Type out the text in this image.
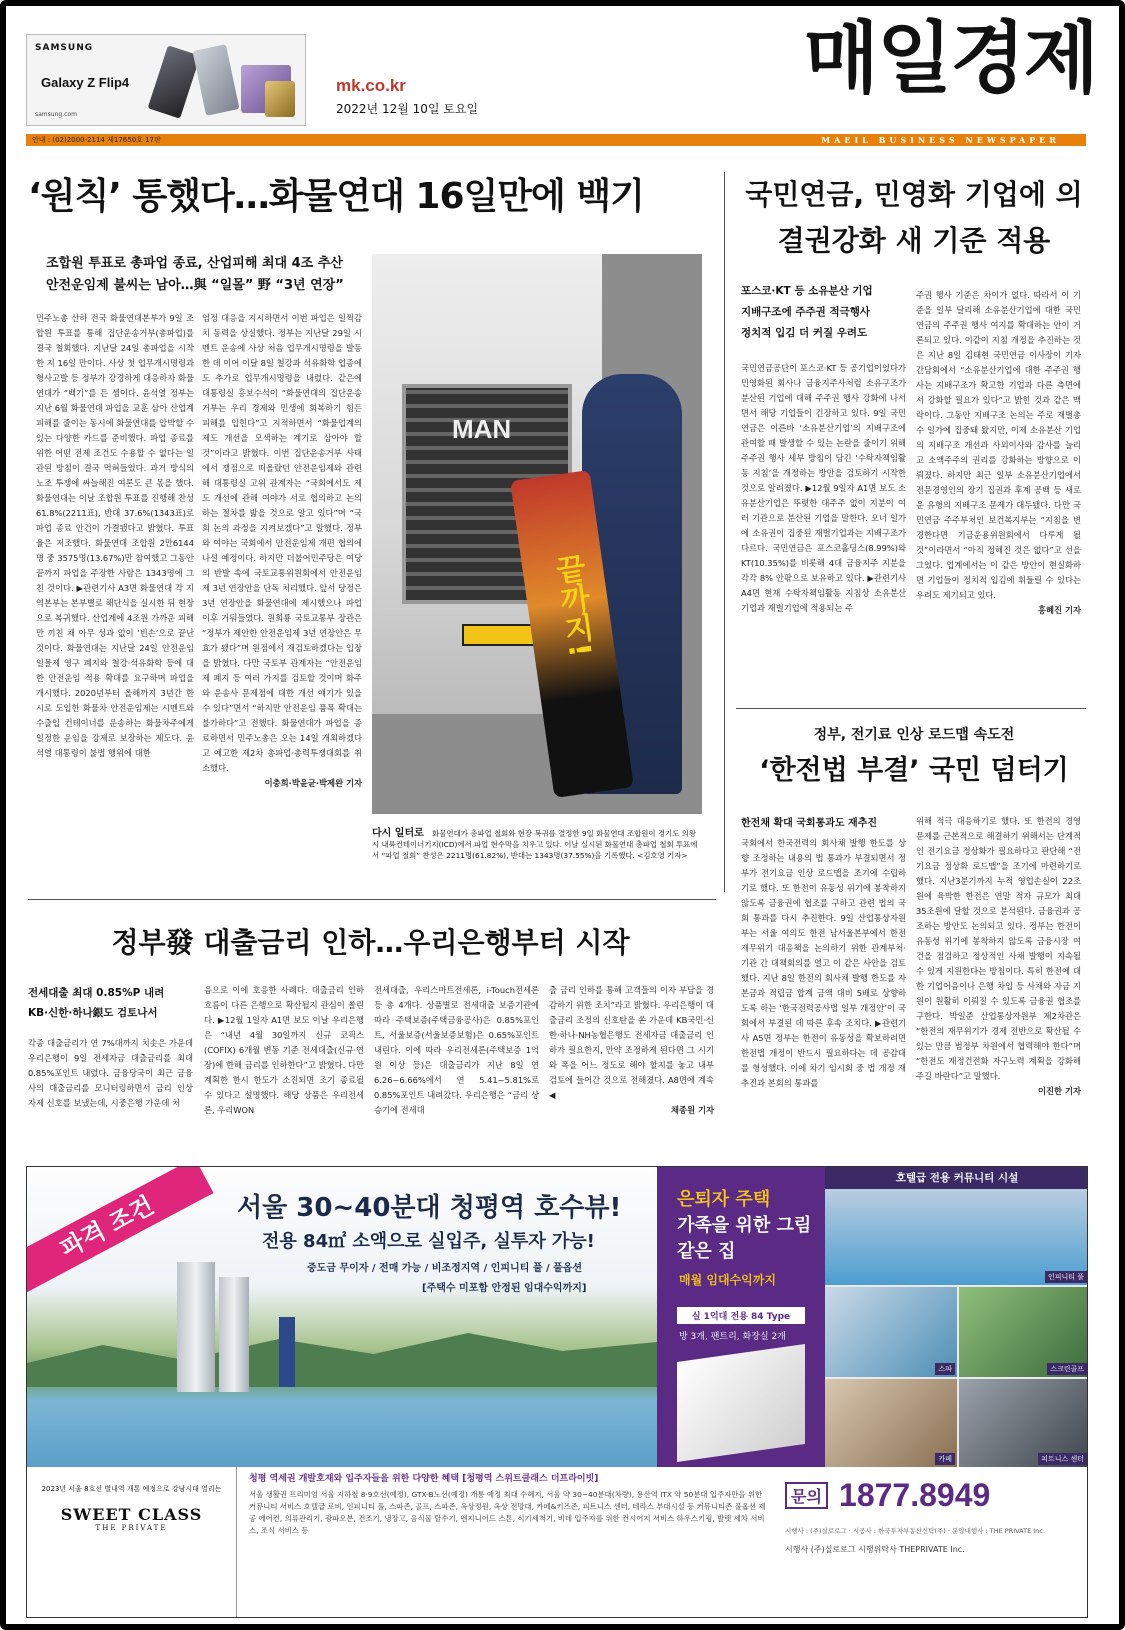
SAMSUNG
Galaxy Z Flip4
samsung.com
mk.co.kr
2022년 12월 10일 토요일
매일경제
안내 : (02)2000-2114 제17650호 17판	MAEIL BUSINESS NEWSPAPER
‘원칙’ 통했다…화물연대 16일만에 백기
조합원 투표로 총파업 종료, 산업피해 최대 4조 추산
안전운임제 불씨는 남아…與 “일몰” 野 “3년 연장”
민주노총 산하 전국 화물연대본부가 9일 조합원 투표를 통해 집단운송거부(총파업)를 결국 철회했다. 지난달 24일 총파업을 시작한 지 16일 만이다. 사상 첫 업무개시명령과 형사고발 등 정부가 강경하게 대응하자 화물연대가 “백기”를 든 셈이다. 윤석열 정부는 지난 6월 화물연대 파업을 교훈 삼아 산업계 피해를 줄이는 동시에 화물연대를 압박할 수 있는 다양한 카드를 준비했다. 파업 종료를 위한 어떤 전제 조건도 수용할 수 없다는 일관된 방침이 결국 먹혀들었다. 과거 방식의 노조 투쟁에 싸늘해진 여론도 큰 몫을 했다. 화물연대는 이날 조합원 투표를 진행해 찬성 61.8%(2211표), 반대 37.6%(1343표)로 파업 종료 안건이 가결됐다고 밝혔다. 투표율은 저조했다. 화물연대 조합원 2만6144명 중 3575명(13.67%)만 참여했고 그동안 끝까지 파업을 주장한 사람은 1343명에 그친 것이다. ▶관련기사 A3면 화물연대 각 지역본부는 본부별로 해단식을 실시한 뒤 현장으로 복귀했다. 산업계에 4조원 가까운 피해만 끼친 채 아무 성과 없이 ‘빈손’으로 끝난 것이다. 화물연대는 지난달 24일 안전운임일몰제 영구 폐지와 철강·석유화학 등에 대한 안전운임 적용 확대를 요구하며 파업을 개시했다. 2020년부터 올해까지 3년간 한시로 도입한 화물차 안전운임제는 시멘트와 수출입 컨테이너를 운송하는 화물차주에게 일정한 운임을 강제로 보장하는 제도다. 윤석열 대통령이 불법 행위에 대한
엄정 대응을 지시하면서 이번 파업은 일찍감치 동력을 상실했다. 정부는 지난달 29일 시멘트 운송에 사상 처음 업무개시명령을 발동한 데 이어 이달 8일 철강과 석유화학 업종에도 추가로 업무개시명령을 내렸다. 같은에 대통령실 홍보수석이 “화물연대의 집단운송거부는 우리 경제와 민생에 회복하기 힘든 피해를 입힌다”고 지적하면서 “화물업계의 제도 개선을 모색하는 계기로 삼아야 할 것”이라고 밝혔다. 이번 집단운송거부 사태에서 쟁점으로 떠올랐던 안전운임제와 관련해 대통령실 고위 관계자는 “국회에서도 제도 개선에 관해 여야가 서로 협의하고 논의하는 절차를 밟을 것으로 알고 있다”며 “국회 논의 과정을 지켜보겠다”고 말했다. 정부와 여야는 국회에서 안전운임제 개편 협의에 나설 예정이다. 하지만 더불어민주당은 여당의 반발 속에 국토교통위원회에서 안전운임제 3년 연장안을 단독 처리했다. 앞서 당정은 3년 연장안을 화물연대에 제시했으나 파업 이후 거둬들였다. 원희룡 국토교통부 장관은 “정부가 제안한 안전운임제 3년 연장안은 무효가 됐다”며 원점에서 재검토하겠다는 입장을 밝혔다. 다만 국토부 관계자는 “안전운임제 폐지 등 여러 가지를 검토할 것이며 화주와 운송사 문제점에 대한 개선 얘기가 있을 수 있다”면서 “하지만 안전운임 품목 확대는 불가하다”고 전했다. 화물연대가 파업을 종료하면서 민주노총은 오는 14일 개최하겠다고 예고한 제2차 총파업·총력투쟁대회를 취소했다.
이충희·박윤균·박제완 기자
MAN
끝까지!
다시 일터로 화물연대가 총파업 철회와 현장 복귀를 결정한 9일 화물연대 조합원이 경기도 의왕시 내륙컨테이너기지(ICD)에서 파업 현수막을 치우고 있다. 이날 실시된 화물연대 총파업 철회 투표에서 “파업 철회” 찬성은 2211명(61.82%), 반대는 1343명(37.55%)을 기록했다. <김호영 기자>
국민연금, 민영화 기업에 의결권강화 새 기준 적용
포스코·KT 등 소유분산 기업
지배구조에 주주권 적극행사
정치적 입김 더 커질 우려도
국민연금공단이 포스코·KT 등 공기업이었다가 민영화된 회사나 금융지주사처럼 소유구조가 분산된 기업에 대해 주주권 행사 강화에 나서면서 해당 기업들이 긴장하고 있다. 9일 국민연금은 이른바 ‘소유분산기업’의 지배구조에 관여할 때 발생할 수 있는 논란을 줄이기 위해 주주권 행사 세부 방침이 담긴 ‘수탁자책임활동 지침’을 개정하는 방안을 검토하기 시작한 것으로 알려졌다. ▶12월 9일자 A1면 보도 소유분산기업은 뚜렷한 대주주 없이 지분이 여러 기관으로 분산된 기업을 말한다. 오너 일가에 소유권이 집중된 재벌기업과는 지배구조가 다르다. 국민연금은 포스코홀딩스(8.99%)와 KT(10.35%)를 비롯해 4대 금융지주 지분을 각각 8% 안팎으로 보유하고 있다. ▶관련기사 A4면 현재 수탁자책임활동 지침상 소유분산기업과 재벌기업에 적용되는 주
주권 행사 기준은 차이가 없다. 따라서 이 기준을 일부 달리해 소유분산기업에 대한 국민연금의 주주권 행사 여지를 확대하는 안이 거론되고 있다. 이같이 지침 개정을 추진하는 것은 지난 8일 김태현 국민연금 이사장이 기자간담회에서 “소유분산기업에 대한 주주권 행사는 지배구조가 확고한 기업과 다른 측면에서 강화할 필요가 있다”고 밝힌 것과 같은 맥락이다. 그동안 지배구조 논의는 주로 재벌총수 일가에 집중돼 왔지만, 이제 소유분산 기업의 지배구조 개선과 사외이사와 감사를 늘리고 소액주주의 권리를 강화하는 방향으로 이뤄졌다. 하지만 최근 일부 소유분산기업에서 전문경영인의 장기 집권과 후계 공백 등 새로운 유형의 지배구조 문제가 대두됐다. 다만 국민연금 주주부처인 보건복지부는 “지침을 변경한다면 기금운용위원회에서 다루게 될 것”이라면서 “아직 정해진 것은 없다”고 선을 그었다. 업계에서는 이 같은 방안이 현실화하면 기업들이 정치적 입김에 휘둘릴 수 있다는 우려도 제기되고 있다.
홍혜진 기자
정부, 전기료 인상 로드맵 속도전
‘한전법 부결’ 국민 덤터기
한전채 확대 국회통과도 재추진
국회에서 한국전력의 회사채 발행 한도를 상향 조정하는 내용의 법 통과가 부결되면서 정부가 전기요금 인상 로드맵을 조기에 수립하기로 했다. 또 한전이 유동성 위기에 봉착하지 않도록 금융권에 협조를 구하고 관련 법의 국회 통과를 다시 추진한다. 9일 산업통상자원부는 서울 여의도 한전 남서울본부에서 한전 재무위기 대응책을 논의하기 위한 관계부처·기관 간 대책회의를 열고 이 같은 사안을 검토했다. 지난 8일 한전의 회사채 발행 한도를 자본금과 적립금 합계 금액 대비 5배로 상향하도록 하는 ‘한국전력공사법 일부 개정안’이 국회에서 부결된 데 따른 후속 조치다. ▶관련기사 A5면 정부는 한전이 유동성을 확보하려면 한전법 개정이 반드시 필요하다는 데 공감대를 형성했다. 이에 차기 임시회 중 법 개정 재추진과 본회의 통과를
위해 적극 대응하기로 했다. 또 한전의 경영 문제를 근본적으로 해결하기 위해서는 단계적인 전기요금 정상화가 필요하다고 판단해 “전기요금 정상화 로드맵”을 조기에 마련하기로 했다. 지난3분기까지 누적 영업손실이 22조원에 육박한 한전은 연말 적자 규모가 최대 35조원에 달할 것으로 분석된다. 금융권과 공조하는 방안도 논의되고 있다. 정부는 한전이 유동성 위기에 봉착하지 않도록 금융시장 여건을 점검하고 정상적인 사채 발행이 지속될 수 있게 지원한다는 방침이다. 특히 한전에 대한 기업어음이나 은행 차입 등 사채와 자금 지원이 원활히 이뤄질 수 있도록 금융권 협조를 구한다. 박일준 산업통상자원부 제2차관은 “한전의 재무위기가 경제 전반으로 확산될 수 있는 만큼 범정부 차원에서 협력해야 한다”며 “한전도 재정건전화 자구노력 계획을 강화해주길 바란다”고 말했다.
이진한 기자
정부發 대출금리 인하…우리은행부터 시작
전세대출 최대 0.85%P 내려
KB·신한·하나銀도 검토나서
각종 대출금리가 연 7%대까지 치솟은 가운데 우리은행이 9일 전세자금 대출금리를 최대 0.85%포인트 내렸다. 금융당국이 최근 금융사의 대출금리를 모니터링하면서 금리 인상 자제 신호를 보냈는데, 시중은행 가운데 처
음으로 이에 호응한 사례다. 대출금리 인하 흐름이 다른 은행으로 확산될지 관심이 쏠린다. ▶12월 1일자 A1면 보도 이날 우리은행은 “내년 4월 30일까지 신규 코픽스(COFIX) 6개월 변동 기준 전세대출(신규·연장)에 한해 금리를 인하한다”고 밝혔다. 다만 계획한 한시 한도가 소진되면 조기 종료될 수 있다고 설명했다. 해당 상품은 우리전세론, 우리WON
전세대출, 우리스마트전세론, i-Touch전세론 등 총 4개다. 상품별로 전세대출 보증기관에 따라 주택보증(주택금융공사)은 0.85%포인트, 서울보증(서울보증보험)은 0.65%포인트 내린다. 이에 따라 우리전세론(주택보증 1억원 이상 등)은 대출금리가 지난 8일 연 6.26~6.66%에서 연 5.41~5.81%로 0.85%포인트 내려갔다. 우리은행은 “금리 상승기에 전세대
출 금리 인하를 통해 고객들의 이자 부담을 경감하기 위한 조치”라고 밝혔다. 우리은행이 대출금리 조정의 신호탄을 쏜 가운데 KB국민·신한·하나·NH농협은행도 전세자금 대출금리 인하가 필요한지, 만약 조정하게 된다면 그 시기와 폭을 어느 정도로 해야 할지를 놓고 내부 검토에 들어간 것으로 전해졌다. A8면에 계속 ◀
채종원 기자
파격 조건	서울 30~40분대 청평역 호수뷰!
전용 84㎡ 소액으로 실입주, 실투자 가능!
중도금 무이자 / 전매 가능 / 비조정지역 / 인피니티 풀 / 풀옵션
[주택수 미포함 안정된 임대수익까지]
은퇴자 주택
가족을 위한 그림 같은 집
매월 임대수익까지
실 1억대 전용 84 Type
방 3개, 팬트리, 화장실 2개
호텔급 전용 커뮤니티 시설
인피니티 풀
스파	스크린골프
카페	피트니스 센터
2023년 서울 8호선 별내역 개통 예정으로 강남시대 열리는
SWEET CLASS
THE PRIVATE
청평 역세권 개발호재와 입주자들을 위한 다양한 혜택 [청평역 스위트클래스 더프라이빗]
서울 생활권 프리미엄 서울 지하철 8·9호선(예정), GTX-B노선(예정) 개통 예정 최대 수혜지, 서울 약 30~40분대(차량), 용산역 ITX 약 50분대 입주자만을 위한 커뮤니티 서비스 호텔급 로비, 인피니티 풀, 스파존, 골프, 스파존, 옥상정원, 옥상 전망대, 카페&키즈존, 피트니스 센터, 테라스 부대시설 등 커뮤니티존 풀옵션 제공 에어컨, 의류관리기, 광파오븐, 건조기, 냉장고, 음식물 탈수기, 엔지니어드 스톤, 식기세척기, 비데 입주자를 위한 컨시어지 서비스 하우스키핑, 발렛 세차 서비스, 조식 서비스 등
문의 1877.8949
시행사 : (주)실로로그 · 시공사 : 한국투자부동산신탁(주) · 분양대행사 : THE PRIVATE Inc.
시행사 (주)실로로그 시행위탁사 THEPRIVATE Inc.
